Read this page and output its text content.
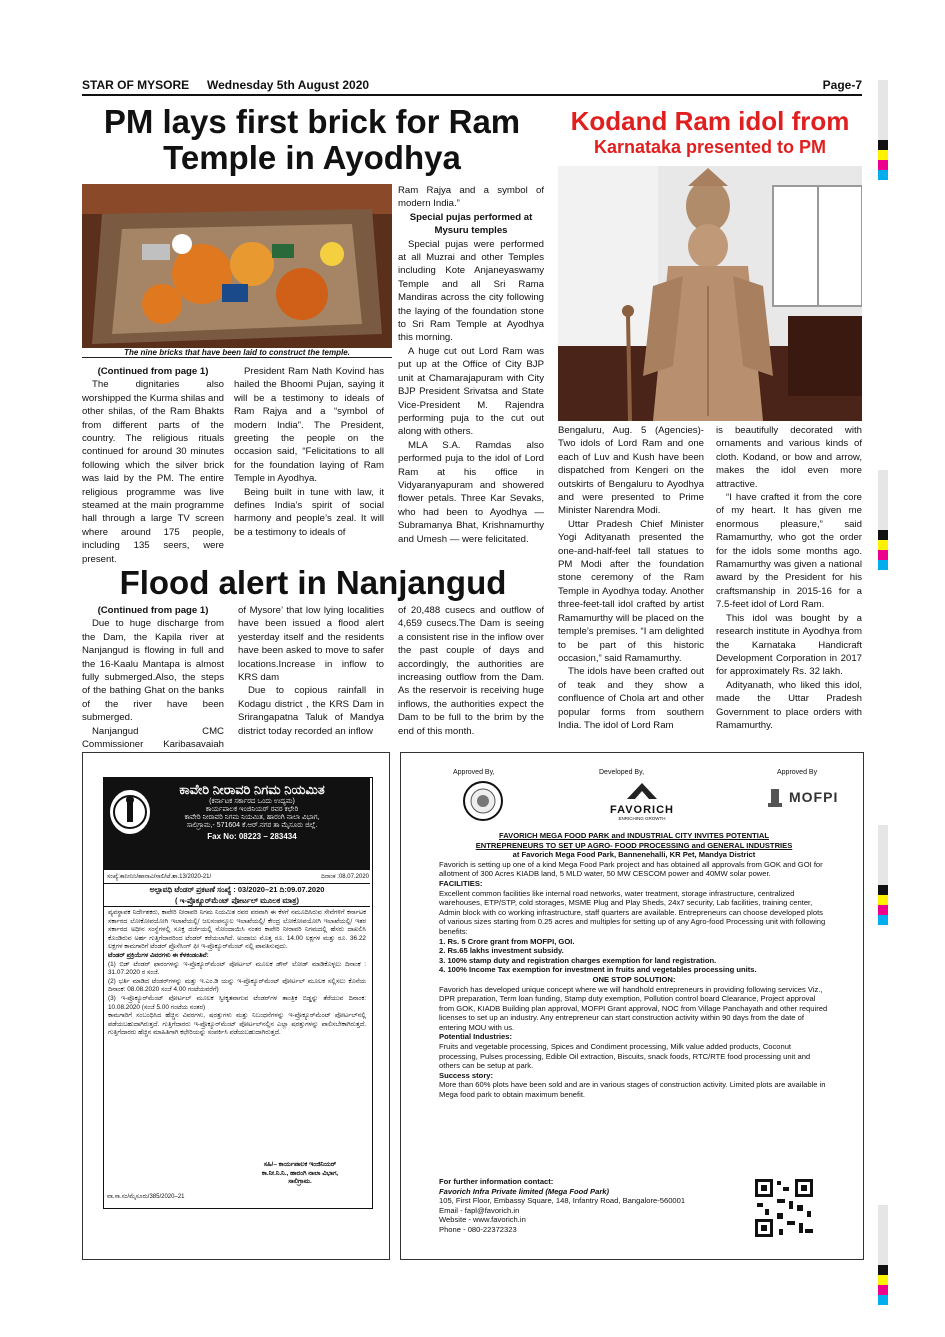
STAR OF MYSORE Wednesday 5th August 2020	Page-7
PM lays first brick for Ram
Temple in Ayodhya
The nine bricks that have been laid to construct the temple.

(Continued from page 1)

The dignitaries also worshipped the Kurma shilas and other shilas, of the Ram Bhakts from different parts of the country. The religious rituals continued for around 30 minutes following which the silver brick was laid by the PM. The entire religious programme was live steamed at the main programme hall through a large TV screen where around 175 people, including 135 seers, were present.

President Ram Nath Kovind has hailed the Bhoomi Pujan, saying it will be a testimony to ideals of Ram Rajya and a “symbol of modern India”. The President, greeting the people on the occasion said, “Felicitations to all for the foundation laying of Ram Temple in Ayodhya.

Being built in tune with law, it defines India’s spirit of social harmony and people’s zeal. It will be a testimony to ideals of

Ram Rajya and a symbol of modern India.”

Special pujas performed at

Mysuru temples

Special pujas were performed at all Muzrai and other Temples including Kote Anjaneyaswamy Temple and all Sri Rama Mandiras across the city following the laying of the foundation stone to Sri Ram Temple at Ayodhya this morning.

A huge cut out Lord Ram was put up at the Office of City BJP unit at Chamarajapuram with City BJP President Srivatsa and State Vice-President M. Rajendra performing puja to the cut out along with others.

MLA S.A. Ramdas also performed puja to the idol of Lord Ram at his office in Vidyaranyapuram and showered flower petals. Three Kar Sevaks, who had been to Ayodhya — Subramanya Bhat, Krishnamurthy and Umesh — were felicitated.

Kodand Ram idol from
Karnataka presented to PM

Bengaluru, Aug. 5 (Agencies)- Two idols of Lord Ram and one each of Luv and Kush have been dispatched from Kengeri on the outskirts of Bengaluru to Ayodhya and were presented to Prime Minister Narendra Modi.

Uttar Pradesh Chief Minister Yogi Adityanath presented the one-and-half-feel tall statues to PM Modi after the foundation stone ceremony of the Ram Temple in Ayodhya today. Another three-feet-tall idol crafted by artist Ramamurthy will be placed on the temple’s premises. “I am delighted to be part of this historic occasion,” said Ramamurthy.

The idols have been crafted out of teak and they show a confluence of Chola art and other popular forms from southern India. The idol of Lord Ram

is beautifully decorated with ornaments and various kinds of cloth. Kodand, or bow and arrow, makes the idol even more attractive.

“I have crafted it from the core of my heart. It has given me enormous pleasure,” said Ramamurthy, who got the order for the idols some months ago. Ramamurthy was given a national award by the President for his craftsmanship in 2015-16 for a 7.5-feet idol of Lord Ram.

This idol was bought by a research institute in Ayodhya from the Karnataka Handicraft Development Corporation in 2017 for approximately Rs. 32 lakh.

Adityanath, who liked this idol, made the Uttar Pradesh Government to place orders with Ramamurthy.

Flood alert in Nanjangud

(Continued from page 1)

Due to huge discharge from the Dam, the Kapila river at Nanjangud is flowing in full and the 16-Kaalu Mantapa is almost fully submerged.Also, the steps of the bathing Ghat on the banks of the river have been submerged.

Nanjangud CMC Commissioner Karibasavaiah

of Mysore’ that low lying localities have been issued a flood alert yesterday itself and the residents have been asked to move to safer locations.Increase in inflow to KRS dam

Due to copious rainfall in Kodagu district , the KRS Dam in Srirangapatna Taluk of Mandya district today recorded an inflow

of 20,488 cusecs and outflow of 4,659 cusecs.The Dam is seeing a consistent rise in the inflow over the past couple of days and accordingly, the authorities are increasing outflow from the Dam. As the reservoir is receiving huge inflows, the authorities expect the Dam to be full to the brim by the end of this month.

ಕಾವೇರಿ ನೀರಾವರಿ ನಿಗಮ ನಿಯಮಿತ
(ಕರ್ನಾಟಕ ಸರ್ಕಾರದ ಒಂದು ಉದ್ಯಮ)
ಕಾರ್ಯಪಾಲಕ ಇಂಜಿನಿಯರ್ ರವರ ಕಛೇರಿ
ಕಾವೇರಿ ನೀರಾವರಿ ನಿಗಮ ನಿಯಮಿತ, ಹಾರಂಗಿ ನಾಲಾ ವಿಭಾಗ,
ಸಾಲಿಗ್ರಾಮ,- 571604 ಕೆ.ಆರ್.ನಗರ ತಾ ಮೈಸೂರು ಜಿಲ್ಲೆ.
Fax No: 08223 – 283434
ಸಂಖ್ಯೆ:ಕಾನೀನಿನಿ/ಹಾನಾವಿ/ಸಾಲಿ/ಟೆ.ಶಾ.13/2020-21/	ದಿನಾಂಕ :08.07.2020
ಅಲ್ಪಾವಧಿ ಟೆಂಡರ್ ಪ್ರಕಟಣೆ ಸಂಖ್ಯೆ : 03/2020–21 ದಿ:09.07.2020
( ಇ-ಪ್ರೊಕ್ಯೂರ್‌ಮೆಂಟ್ ಪೋರ್ಟಲ್ ಮೂಲಕ ಮಾತ್ರ)

ವ್ಯವಸ್ಥಾಪಕ ನಿರ್ದೇಶಕರು, ಕಾವೇರಿ ನೀರಾವರಿ ನಿಗಮ ನಿಯಮಿತ ರವರ ಪರವಾಗಿ ಈ ಕೆಳಗೆ ನಮೂದಿಸಿರುವ ಸೇವೆಗಳಿಗೆ ಕರ್ನಾಟಕ ಸರ್ಕಾರದ ಲೋಕೋಪಯೋಗಿ ಇಲಾಖೆಯಲ್ಲಿ/ ಜಲಸಂಪನ್ಮೂಲ ಇಲಾಖೆಯಲ್ಲಿ/ ಕೇಂದ್ರ ಲೋಕೋಪಯೋಗಿ ಇಲಾಖೆಯಲ್ಲಿ/ ಇತರ ಸರ್ಕಾರದ ಅಧೀನ ಸಂಸ್ಥೆಗಳಲ್ಲಿ ಸೂಕ್ತ ದರ್ಜೆಯಲ್ಲಿ ನೋಂದಾಯಿಸಿ ನಂತರ ಕಾವೇರಿ ನೀರಾವರಿ ನಿಗಮದಲ್ಲಿ ಹೆಸರು ದಾಖಲಿಸಿ ಕೊಂಡಿರುವ ಅರ್ಹ ಗುತ್ತಿಗೆದಾರರಿಂದ ಟೆಂಡರ್ ಕರೆಯಲಾಗಿದೆ. ಅಂದಾಜು ಮೊತ್ತ ರೂ. 14.00 ಲಕ್ಷಗಳ ಮತ್ತು ರೂ. 36.22 ಲಕ್ಷಗಳ ಕಾಮಗಾರಿಗೆ ಟೆಂಡರ್ ಪ್ರೊಸೆಸಿಂಗ್ ಫೀ ಇ-ಪ್ರೊಕ್ಯೂರ್‌ಮೆಂಟ್ ನಲ್ಲಿ ಪಾವತಿಸುವುದು.

ಟೆಂಡರ್ ಪ್ರಕ್ರಿಯೆಗಳ ವಿವರಗಳು ಈ ಕೆಳಕಂಡಂತಿವೆ:

(1) ಬಿಡ್ ಟೆಂಡರ್ ಫಾರಂಗಳನ್ನು ಇ-ಪ್ರೊಕ್ಯೂರ್‌ಮೆಂಟ್ ಪೋರ್ಟಲ್ ಮೂಲಕ ಡೌನ್ ಲೋಡ್ ಮಾಡಿಕೊಳ್ಳಲು ದಿನಾಂಕ : 31.07.2020 ರ ಸಂಜೆ.

(2) ಭರ್ತಿ ಮಾಡಿದ ಟೆಂಡರ್‌ಗಳನ್ನು ಮತ್ತು ಇ.ಎಂ.ಡಿ ಯನ್ನು ಇ-ಪ್ರೊಕ್ಯೂರ್‌ಮೆಂಟ್ ಪೋರ್ಟಲ್ ಮೂಲಕ ಸಲ್ಲಿಸಲು ಕೊನೆಯ ದಿನಾಂಕ: 08.08.2020 ಸಂಜೆ 4.00 ಗಂಟೆಯವರೆಗೆ)

(3) ಇ-ಪ್ರೊಕ್ಯೂರ್‌ಮೆಂಟ್ ಪೋರ್ಟಲ್ ಮೂಲಕ ಸ್ವೀಕೃತವಾಗುವ ಟೆಂಡರ್‌ಗಳ ತಾಂತ್ರಿಕ ಬಿಡ್ಡನ್ನು ತೆರೆಯುವ ದಿನಾಂಕ: 10.08.2020 (ಸಂಜೆ 5.00 ಗಂಟೆಯ ನಂತರ)

ಕಾಮಗಾರಿಗೆ ಸಂಬಂಧಿಸಿದ ಹೆಚ್ಚಿನ ವಿವರಗಳು, ಷರತ್ತುಗಳು ಮತ್ತು ನಿಬಂಧನೆಗಳನ್ನು ಇ-ಪ್ರೊಕ್ಯೂರ್‌ಮೆಂಟ್ ಪೋರ್ಟಲ್‌ನಲ್ಲಿ ಪಡೆಯಬಹುದಾಗಿರುತ್ತದೆ. ಗುತ್ತಿಗೆದಾರರು ಇ-ಪ್ರೊಕ್ಯೂರ್‌ಮೆಂಟ್ ಪೋರ್ಟಲ್‌ನಲ್ಲಿನ ಎಲ್ಲಾ ಷರತ್ತುಗಳನ್ನು ಪಾಲಿಸಬೇಕಾಗಿರುತ್ತದೆ. ಗುತ್ತಿಗೆದಾರರು ಹೆಚ್ಚಿನ ಮಾಹಿತಿಗಾಗಿ ಕಛೇರಿಯನ್ನು ಸಂಪರ್ಕಿಸಿ ಪಡೆಯಬಹುದಾಗಿರುತ್ತದೆ.

ಸಹಿ/– ಕಾರ್ಯಪಾಲಕ ಇಂಜಿನಿಯರ್

ಕಾ.ನೀ.ನಿ.ನಿ., ಹಾರಂಗಿ ನಾಲಾ ವಿಭಾಗ,

ಸಾಲಿಗ್ರಾಮ.

ವಾ.ಸಾ.ಸಂ/ಮೈಸೂರು/385/2020–21
Approved By,	Developed By,
FAVORICH
ENRICHING GROWTH
Approved By
MOFPI

FAVORICH MEGA FOOD PARK and INDUSTRIAL CITY INVITES POTENTIAL

ENTREPRENEURS TO SET UP AGRO- FOOD PROCESSING and GENERAL INDUSTRIES

at Favorich Mega Food Park, Bannenehalli, KR Pet, Mandya District

Favorich is setting up one of a kind Mega Food Park project and has obtained all approvals from GOK and GOI for allotment of 300 Acres KIADB land, 5 MLD water, 50 MW CESCOM power and 40MW solar power.

FACILITIES:

Excellent common facilities like internal road networks, water treatment, storage infrastructure, centralized warehouses, ETP/STP, cold storages, MSME Plug and Play Sheds, 24x7 security, Lab facilities, training center, Admin block with co working infrastructure, staff quarters are available. Entrepreneurs can choose developed plots of various sizes starting from 0.25 acres and multiples for setting up of any Agro-food Processing unit with following benefits:

1. Rs. 5 Crore grant from MOFPI, GOI.

2. Rs.65 lakhs investment subsidy.

3. 100% stamp duty and registration charges exemption for land registration.

4. 100% Income Tax exemption for investment in fruits and vegetables processing units.

ONE STOP SOLUTION:

Favorich has developed unique concept where we will handhold entrepreneurs in providing following services Viz., DPR preparation, Term loan funding, Stamp duty exemption, Pollution control board Clearance, Project approval from GOK, KIADB Building plan approval, MOFPI Grant approval, NOC from Village Panchayath and other required licenses to set up an industry. Any entrepreneur can start construction activity within 90 days from the date of entering MOU with us.

Potential Industries:

Fruits and vegetable processing, Spices and Condiment processing, Milk value added products, Coconut processing, Pulses processing, Edible Oil extraction, Biscuits, snack foods, RTC/RTE food processing unit and others can be setup at park.

Success story:

More than 60% plots have been sold and are in various stages of construction activity. Limited plots are available in Mega food park to obtain maximum benefit.

For further information contact:

Favorich Infra Private limited (Mega Food Park)

105, First Floor, Embassy Square, 148, Infantry Road, Bangalore-560001

Email - fapl@favorich.in

Website - www.favorich.in

Phone - 080-22372323
